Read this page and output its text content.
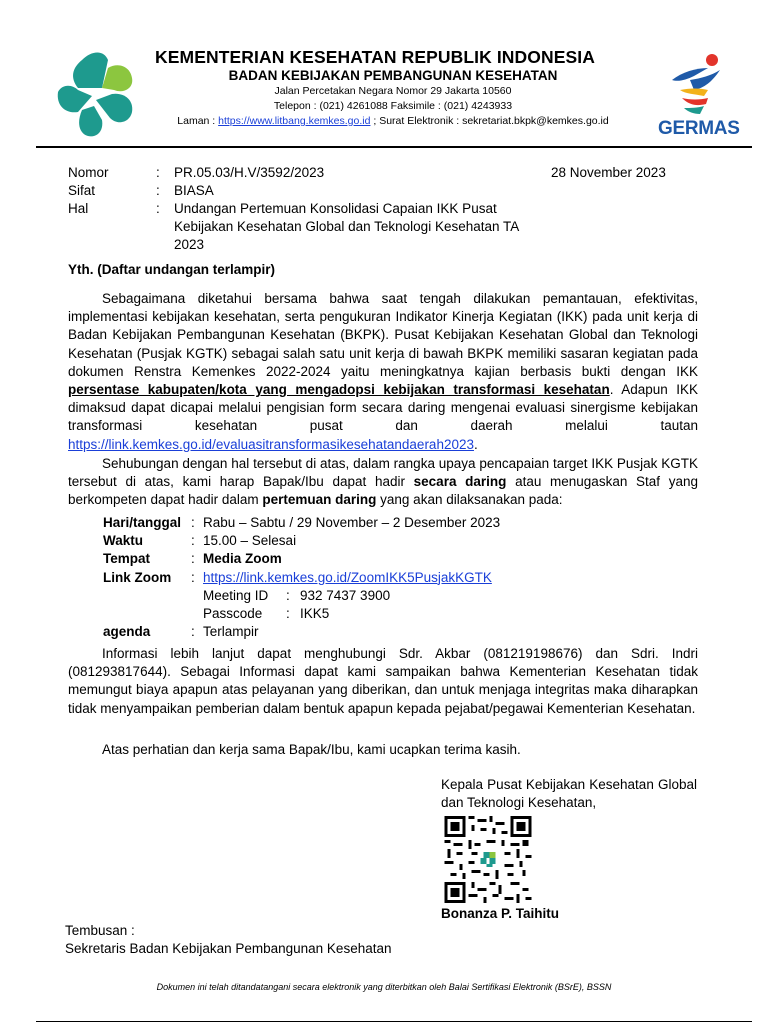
KEMENTERIAN KESEHATAN REPUBLIK INDONESIA
BADAN KEBIJAKAN PEMBANGUNAN KESEHATAN
Jalan Percetakan Negara Nomor 29 Jakarta 10560
Telepon : (021) 4261088 Faksimile : (021) 4243933
Laman : https://www.litbang.kemkes.go.id ; Surat Elektronik : sekretariat.bkpk@kemkes.go.id	GERMAS
Nomor	:	PR.05.03/H.V/3592/2023
Sifat	:	BIASA
Hal	:	Undangan Pertemuan Konsolidasi Capaian IKK Pusat Kebijakan Kesehatan Global dan Teknologi Kesehatan TA 2023
28 November 2023
Yth. (Daftar undangan terlampir)
Sebagaimana diketahui bersama bahwa saat tengah dilakukan pemantauan, efektivitas, implementasi kebijakan kesehatan, serta pengukuran Indikator Kinerja Kegiatan (IKK) pada unit kerja di Badan Kebijakan Pembangunan Kesehatan (BKPK). Pusat Kebijakan Kesehatan Global dan Teknologi Kesehatan (Pusjak KGTK) sebagai salah satu unit kerja di bawah BKPK memiliki sasaran kegiatan pada dokumen Renstra Kemenkes 2022-2024 yaitu meningkatnya kajian berbasis bukti dengan IKK persentase kabupaten/kota yang mengadopsi kebijakan transformasi kesehatan. Adapun IKK dimaksud dapat dicapai melalui pengisian form secara daring mengenai evaluasi sinergisme kebijakan transformasi kesehatan pusat dan daerah melalui tautan https://link.kemkes.go.id/evaluasitransformasikesehatandaerah2023.
Sehubungan dengan hal tersebut di atas, dalam rangka upaya pencapaian target IKK Pusjak KGTK tersebut di atas, kami harap Bapak/Ibu dapat hadir secara daring atau menugaskan Staf yang berkompeten dapat hadir dalam pertemuan daring yang akan dilaksanakan pada:
Hari/tanggal : Rabu – Sabtu / 29 November – 2 Desember 2023
Waktu	: 15.00 – Selesai
Tempat	: Media Zoom
Link Zoom	: https://link.kemkes.go.id/ZoomIKK5PusjakKGTK
Meeting ID	: 932 7437 3900
Passcode	: IKK5
agenda	: Terlampir
Informasi lebih lanjut dapat menghubungi Sdr. Akbar (081219198676) dan Sdri. Indri (081293817644). Sebagai Informasi dapat kami sampaikan bahwa Kementerian Kesehatan tidak memungut biaya apapun atas pelayanan yang diberikan, dan untuk menjaga integritas maka diharapkan tidak menyampaikan pemberian dalam bentuk apapun kepada pejabat/pegawai Kementerian Kesehatan.
Atas perhatian dan kerja sama Bapak/Ibu, kami ucapkan terima kasih.
Kepala Pusat Kebijakan Kesehatan Global dan Teknologi Kesehatan,
Bonanza P. Taihitu
Tembusan :
Sekretaris Badan Kebijakan Pembangunan Kesehatan
Dokumen ini telah ditandatangani secara elektronik yang diterbitkan oleh Balai Sertifikasi Elektronik (BSrE), BSSN
